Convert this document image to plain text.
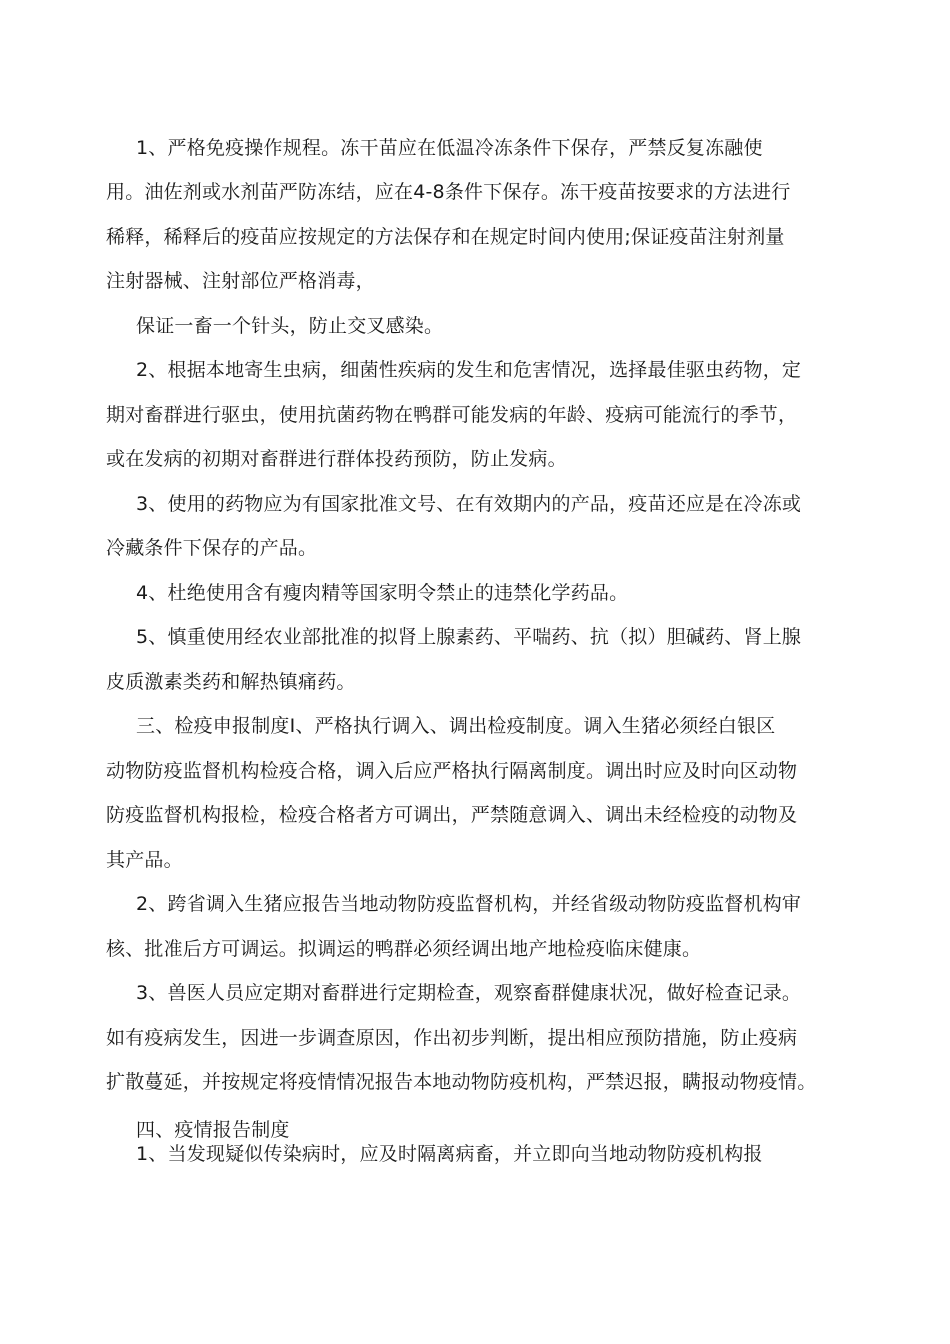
1、严格免疫操作规程。冻干苗应在低温冷冻条件下保存，严禁反复冻融使
用。油佐剂或水剂苗严防冻结，应在4-8条件下保存。冻干疫苗按要求的方法进行
稀释，稀释后的疫苗应按规定的方法保存和在规定时间内使用;保证疫苗注射剂量
注射器械、注射部位严格消毒，
保证一畜一个针头，防止交叉感染。
2、根据本地寄生虫病，细菌性疾病的发生和危害情况，选择最佳驱虫药物，定
期对畜群进行驱虫，使用抗菌药物在鸭群可能发病的年龄、疫病可能流行的季节，
或在发病的初期对畜群进行群体投药预防，防止发病。
3、使用的药物应为有国家批准文号、在有效期内的产品，疫苗还应是在冷冻或
冷藏条件下保存的产品。
4、杜绝使用含有瘦肉精等国家明令禁止的违禁化学药品。
5、慎重使用经农业部批准的拟肾上腺素药、平喘药、抗（拟）胆碱药、肾上腺
皮质激素类药和解热镇痛药。
三、检疫申报制度I、严格执行调入、调出检疫制度。调入生猪必须经白银区
动物防疫监督机构检疫合格，调入后应严格执行隔离制度。调出时应及时向区动物
防疫监督机构报检，检疫合格者方可调出，严禁随意调入、调出未经检疫的动物及
其产品。
2、跨省调入生猪应报告当地动物防疫监督机构，并经省级动物防疫监督机构审
核、批准后方可调运。拟调运的鸭群必须经调出地产地检疫临床健康。
3、兽医人员应定期对畜群进行定期检查，观察畜群健康状况，做好检查记录。
如有疫病发生，因进一步调查原因，作出初步判断，提出相应预防措施，防止疫病
扩散蔓延，并按规定将疫情情况报告本地动物防疫机构，严禁迟报，瞒报动物疫情。
四、疫情报告制度
1、当发现疑似传染病时，应及时隔离病畜，并立即向当地动物防疫机构报
